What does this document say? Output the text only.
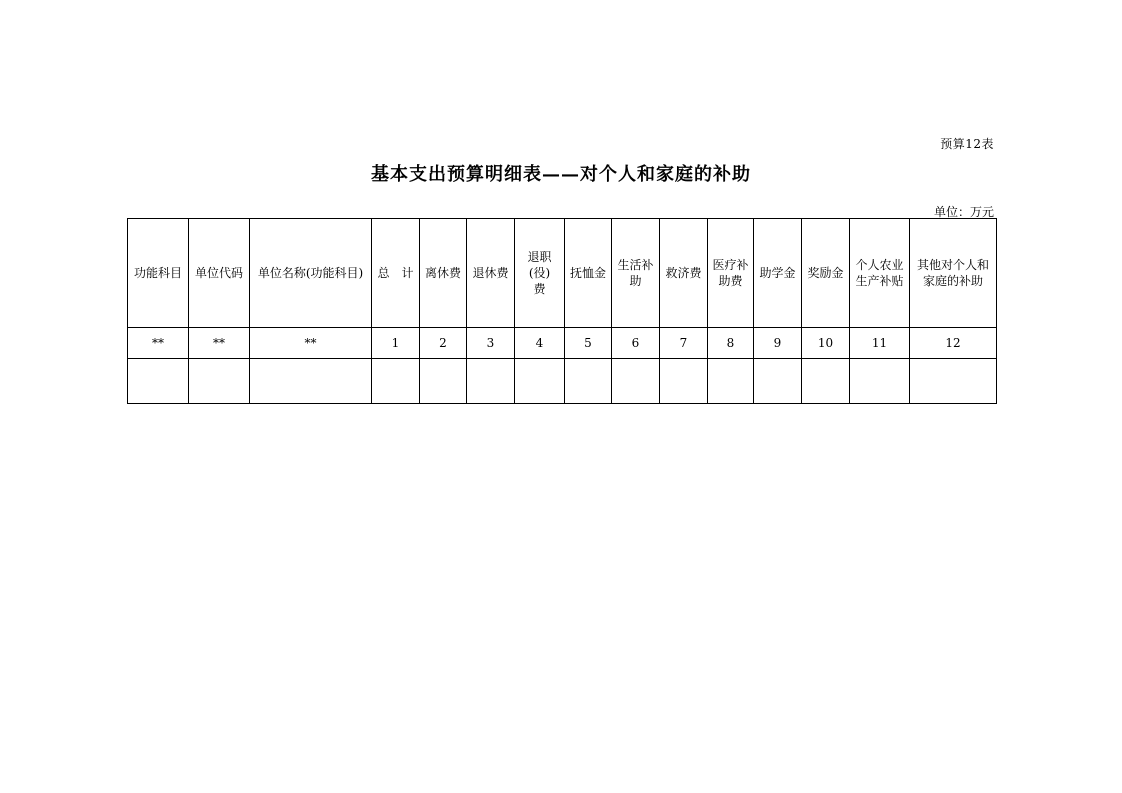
预算12表
基本支出预算明细表——对个人和家庭的补助
单位：万元
功能科目	单位代码	单位名称(功能科目)	总　计	离休费	退休费	退职(役)费	抚恤金	生活补助	救济费	医疗补助费	助学金	奖励金	个人农业生产补贴	其他对个人和家庭的补助
**	**	**	1	2	3	4	5	6	7	8	9	10	11	12
